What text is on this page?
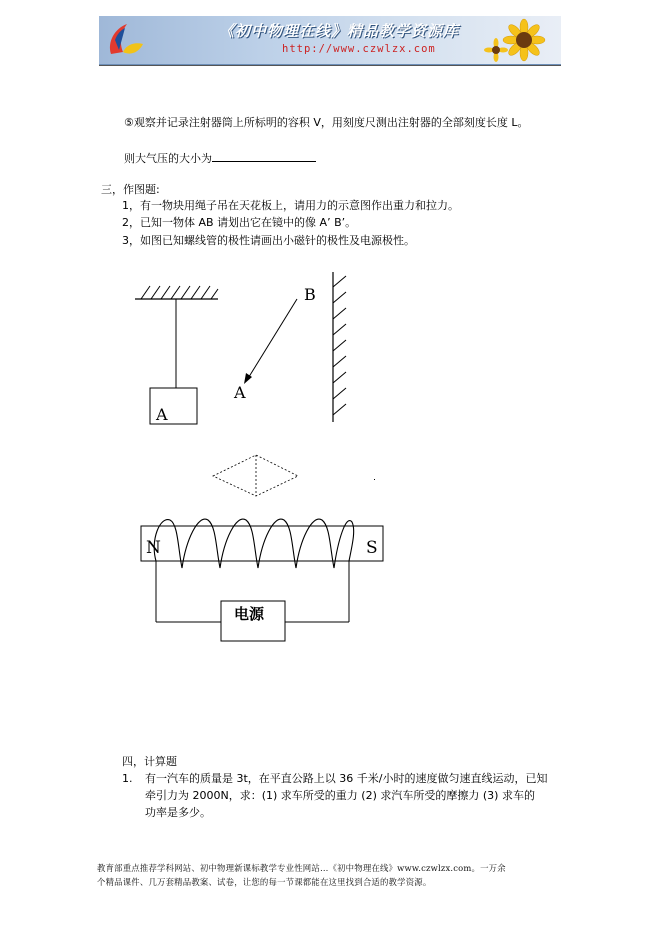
《初中物理在线》精品教学资源库
http://www.czwlzx.com
⑤观察并记录注射器筒上所标明的容积 V，用刻度尺测出注射器的全部刻度长度 L。
则大气压的大小为
三，作图题:
1，有一物块用绳子吊在天花板上，请用力的示意图作出重力和拉力。
2，已知一物体 AB 请划出它在镜中的像 A’ B’。
3，如图已知螺线管的极性请画出小磁针的极性及电源极性。
A
B
A
N	S
电源
四，计算题
1. 有一汽车的质量是 3t，在平直公路上以 36 千米/小时的速度做匀速直线运动，已知
牵引力为 2000N，求：(1) 求车所受的重力 (2) 求汽车所受的摩擦力 (3) 求车的
功率是多少。
教育部重点推荐学科网站、初中物理新课标教学专业性网站…《初中物理在线》www.czwlzx.com。一万余
个精品课件、几万套精品教案、试卷，让您的每一节课都能在这里找到合适的教学资源。
